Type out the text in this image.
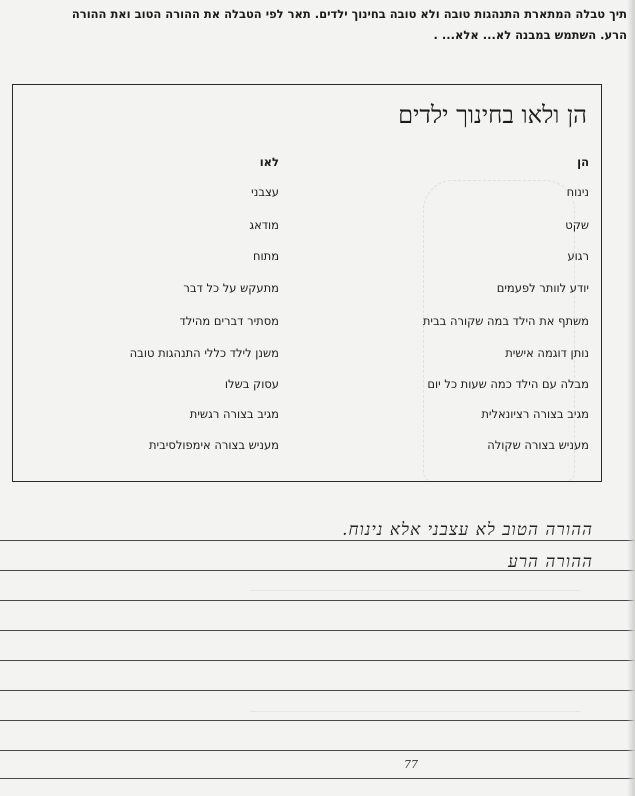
תיך טבלה המתארת התנהגות טובה ולא טובה בחינוך ילדים. תאר לפי הטבלה את ההורה הטוב ואת ההורה
הרע. השתמש במבנה לא... אלא... .
הן ולאו בחינוך ילדים
הן
לאו
נינוח
עצבני
שקט
מודאג
רגוע
מתוח
יודע לוותר לפעמים
מתעקש על כל דבר
משתף את הילד במה שקורה בבית
מסתיר דברים מהילד
נותן דוגמה אישית
משנן לילד כללי התנהגות טובה
מבלה עם הילד כמה שעות כל יום
עסוק בשלו
מגיב בצורה רציונאלית
מגיב בצורה רגשית
מעניש בצורה שקולה
מעניש בצורה אימפולסיבית
ההורה הטוב לא עצבני אלא נינוח.
ההורה הרע
77
